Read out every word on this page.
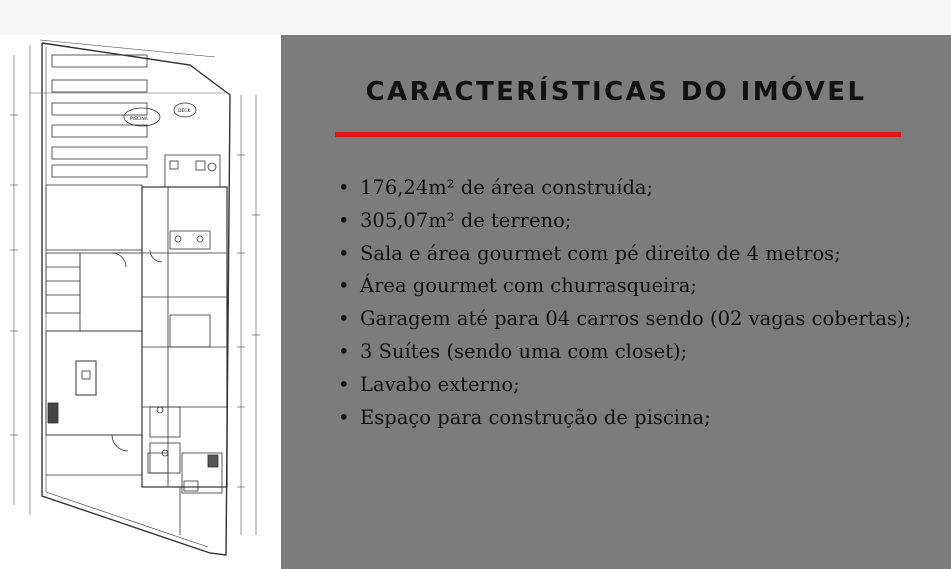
PISCINA
DECK
CARACTERÍSTICAS DO IMÓVEL
• 176,24m² de área construída;
• 305,07m² de terreno;
• Sala e área gourmet com pé direito de 4 metros;
• Área gourmet com churrasqueira;
• Garagem até para 04 carros sendo (02 vagas cobertas);
• 3 Suítes (sendo uma com closet);
• Lavabo externo;
• Espaço para construção de piscina;
